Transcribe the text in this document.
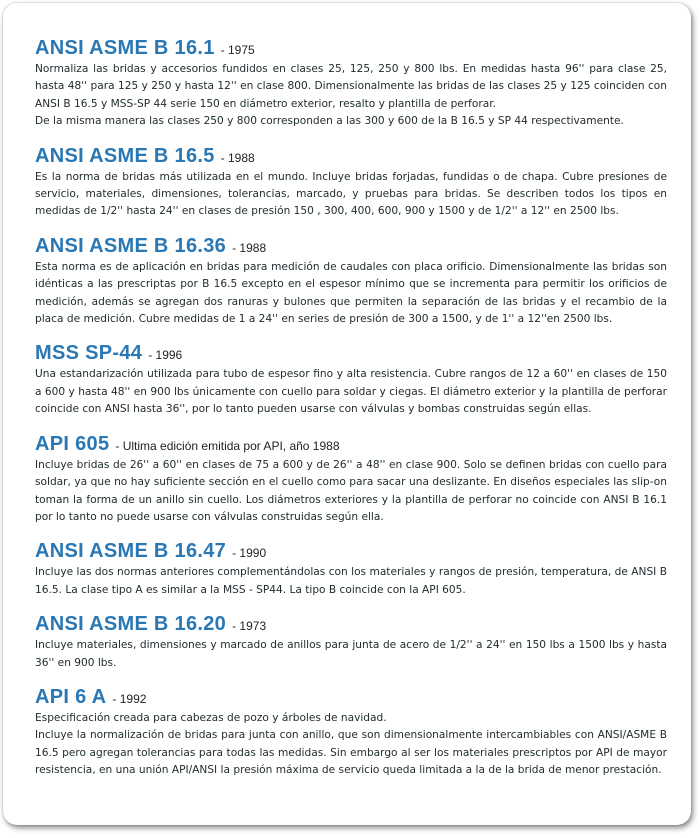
ANSI ASME B 16.1 - 1975

Normaliza las bridas y accesorios fundidos en clases 25, 125, 250 y 800 lbs. En medidas hasta 96'' para clase 25, hasta 48'' para 125 y 250 y hasta 12'' en clase 800. Dimensionalmente las bridas de las clases 25 y 125 coinciden con ANSI B 16.5 y MSS-SP 44 serie 150 en diámetro exterior, resalto y plantilla de perforar.

De la misma manera las clases 250 y 800 corresponden a las 300 y 600 de la B 16.5 y SP 44 respectivamente.

ANSI ASME B 16.5 - 1988

Es la norma de bridas más utilizada en el mundo. Incluye bridas forjadas, fundidas o de chapa. Cubre presiones de servicio, materiales, dimensiones, tolerancias, marcado, y pruebas para bridas. Se describen todos los tipos en medidas de 1/2'' hasta 24'' en clases de presión 150 , 300, 400, 600, 900 y 1500 y de 1/2'' a 12'' en 2500 lbs.

ANSI ASME B 16.36 - 1988

Esta norma es de aplicación en bridas para medición de caudales con placa orificio. Dimensionalmente las bridas son idénticas a las prescriptas por B 16.5 excepto en el espesor mínimo que se incrementa para permitir los orificios de medición, además se agregan dos ranuras y bulones que permiten la separación de las bridas y el recambio de la placa de medición. Cubre medidas de 1 a 24'' en series de presión de 300 a 1500, y de 1'' a 12''en 2500 lbs.

MSS SP-44 - 1996

Una estandarización utilizada para tubo de espesor fino y alta resistencia. Cubre rangos de 12 a 60'' en clases de 150 a 600 y hasta 48'' en 900 lbs únicamente con cuello para soldar y ciegas. El diámetro exterior y la plantilla de perforar coincide con ANSI hasta 36'', por lo tanto pueden usarse con válvulas y bombas construidas según ellas.

API 605 - Ultima edición emitida por API, año 1988

Incluye bridas de 26'' a 60'' en clases de 75 a 600 y de 26'' a 48'' en clase 900. Solo se definen bridas con cuello para soldar, ya que no hay suficiente sección en el cuello como para sacar una deslizante. En diseños especiales las slip-on toman la forma de un anillo sin cuello. Los diámetros exteriores y la plantilla de perforar no coincide con ANSI B 16.1 por lo tanto no puede usarse con válvulas construidas según ella.

ANSI ASME B 16.47 - 1990

Incluye las dos normas anteriores complementándolas con los materiales y rangos de presión, temperatura, de ANSI B 16.5. La clase tipo A es similar a la MSS - SP44. La tipo B coincide con la API 605.

ANSI ASME B 16.20 - 1973

Incluye materiales, dimensiones y marcado de anillos para junta de acero de 1/2'' a 24'' en 150 lbs a 1500 lbs y hasta 36'' en 900 lbs.

API 6 A - 1992

Especificación creada para cabezas de pozo y árboles de navidad.

Incluye la normalización de bridas para junta con anillo, que son dimensionalmente intercambiables con ANSI/ASME B 16.5 pero agregan tolerancias para todas las medidas. Sin embargo al ser los materiales prescriptos por API de mayor resistencia, en una unión API/ANSI la presión máxima de servicio queda limitada a la de la brida de menor prestación.
